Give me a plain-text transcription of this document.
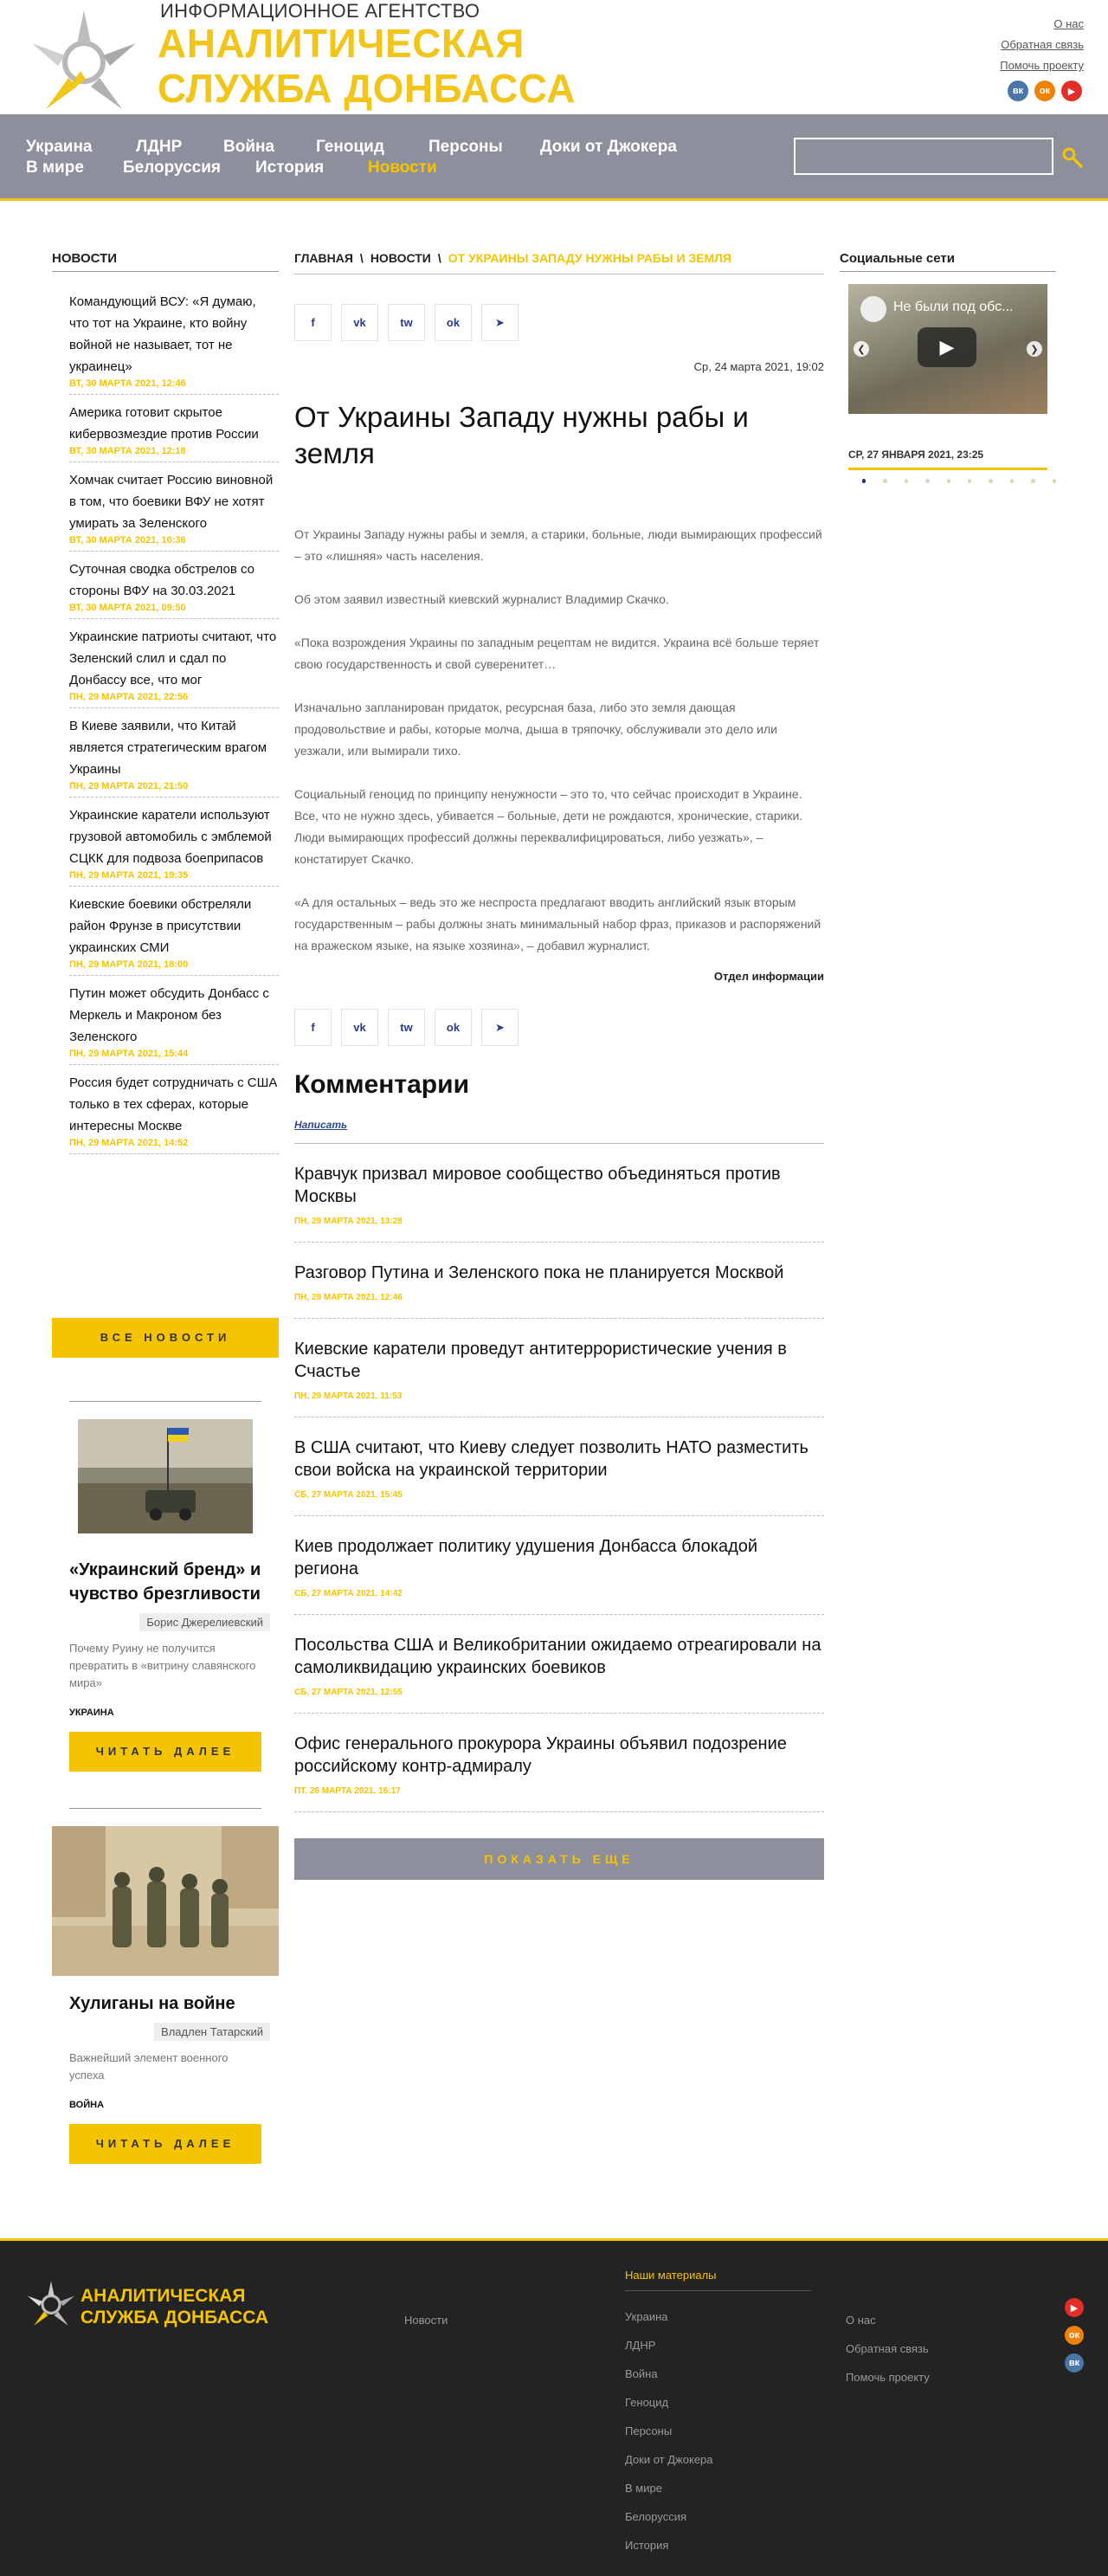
ИНФОРМАЦИОННОЕ АГЕНТСТВО
АНАЛИТИЧЕСКАЯ
СЛУЖБА ДОНБАССА
О нас
Обратная связь
Помочь проекту
вк	ок	▶
Украина	ЛДНР	Война	Геноцид	Персоны Доки от Джокера
В мире Белоруссия История	Новости
НОВОСТИ
Командующий ВСУ: «Я думаю, что тот на Украине, кто войну войной не называет, тот не украинец»
ВТ, 30 МАРТА 2021, 12:46
Америка готовит скрытое кибервозмездие против России
ВТ, 30 МАРТА 2021, 12:18
Хомчак считает Россию виновной в том, что боевики ВФУ не хотят умирать за Зеленского
ВТ, 30 МАРТА 2021, 10:36
Суточная сводка обстрелов со стороны ВФУ на 30.03.2021
ВТ, 30 МАРТА 2021, 09:50
Украинские патриоты считают, что Зеленский слил и сдал по Донбассу все, что мог
ПН, 29 МАРТА 2021, 22:56
В Киеве заявили, что Китай является стратегическим врагом Украины
ПН, 29 МАРТА 2021, 21:50
Украинские каратели используют грузовой автомобиль с эмблемой СЦКК для подвоза боеприпасов
ПН, 29 МАРТА 2021, 19:35
Киевские боевики обстреляли район Фрунзе в присутствии украинских СМИ
ПН, 29 МАРТА 2021, 18:00
Путин может обсудить Донбасс с Меркель и Макроном без Зеленского
ПН, 29 МАРТА 2021, 15:44
Россия будет сотрудничать с США только в тех сферах, которые интересны Москве
ПН, 29 МАРТА 2021, 14:52
ВСЕ НОВОСТИ
«Украинский бренд» и чувство брезгливости
Борис Джерелиевский
Почему Руину не получится превратить в «витрину славянского мира»
УКРАИНА
ЧИТАТЬ ДАЛЕЕ
Хулиганы на войне
Владлен Татарский
Важнейший элемент военного успеха
ВОЙНА
ЧИТАТЬ ДАЛЕЕ
ГЛАВНАЯ \ НОВОСТИ \ ОТ УКРАИНЫ ЗАПАДУ НУЖНЫ РАБЫ И ЗЕМЛЯ
f	vk	tw	ok	➤
Ср, 24 марта 2021, 19:02
От Украины Западу нужны рабы и земля

От Украины Западу нужны рабы и земля, а старики, больные, люди вымирающих профессий – это «лишняя» часть населения.

Об этом заявил известный киевский журналист Владимир Скачко.

«Пока возрождения Украины по западным рецептам не видится. Украина всё больше теряет свою государственность и свой суверенитет…

Изначально запланирован придаток, ресурсная база, либо это земля дающая продовольствие и рабы, которые молча, дыша в тряпочку, обслуживали это дело или уезжали, или вымирали тихо.

Социальный геноцид по принципу ненужности – это то, что сейчас происходит в Украине. Все, что не нужно здесь, убивается – больные, дети не рождаются, хронические, старики. Люди вымирающих профессий должны переквалифицироваться, либо уезжать», – констатирует Скачко.

«А для остальных – ведь это же неспроста предлагают вводить английский язык вторым государственным – рабы должны знать минимальный набор фраз, приказов и распоряжений на вражеском языке, на языке хозяина», – добавил журналист.

Отдел информации
f	vk	tw	ok	➤
Комментарии
Написать
Кравчук призвал мировое сообщество объединяться против Москвы
ПН, 29 МАРТА 2021, 13:28
Разговор Путина и Зеленского пока не планируется Москвой
ПН, 29 МАРТА 2021, 12:46
Киевские каратели проведут антитеррористические учения в Счастье
ПН, 29 МАРТА 2021, 11:53
В США считают, что Киеву следует позволить НАТО разместить свои войска на украинской территории
СБ, 27 МАРТА 2021, 15:45
Киев продолжает политику удушения Донбасса блокадой региона
СБ, 27 МАРТА 2021, 14:42
Посольства США и Великобритании ожидаемо отреагировали на самоликвидацию украинских боевиков
СБ, 27 МАРТА 2021, 12:55
Офис генерального прокурора Украины объявил подозрение российскому контр-адмиралу
ПТ, 26 МАРТА 2021, 16:17
ПОКАЗАТЬ ЕЩЕ
Социальные сети
Не были под обс...
▶
❮	❯
СР, 27 ЯНВАРЯ 2021, 23:25
АНАЛИТИЧЕСКАЯ
СЛУЖБА ДОНБАССА	Новости
Наши материалы
Украина
ЛДНР
Война
Геноцид
Персоны
Доки от Джокера
В мире
Белоруссия
История
О нас
Обратная связь
Помочь проекту
▶
ок
вк
